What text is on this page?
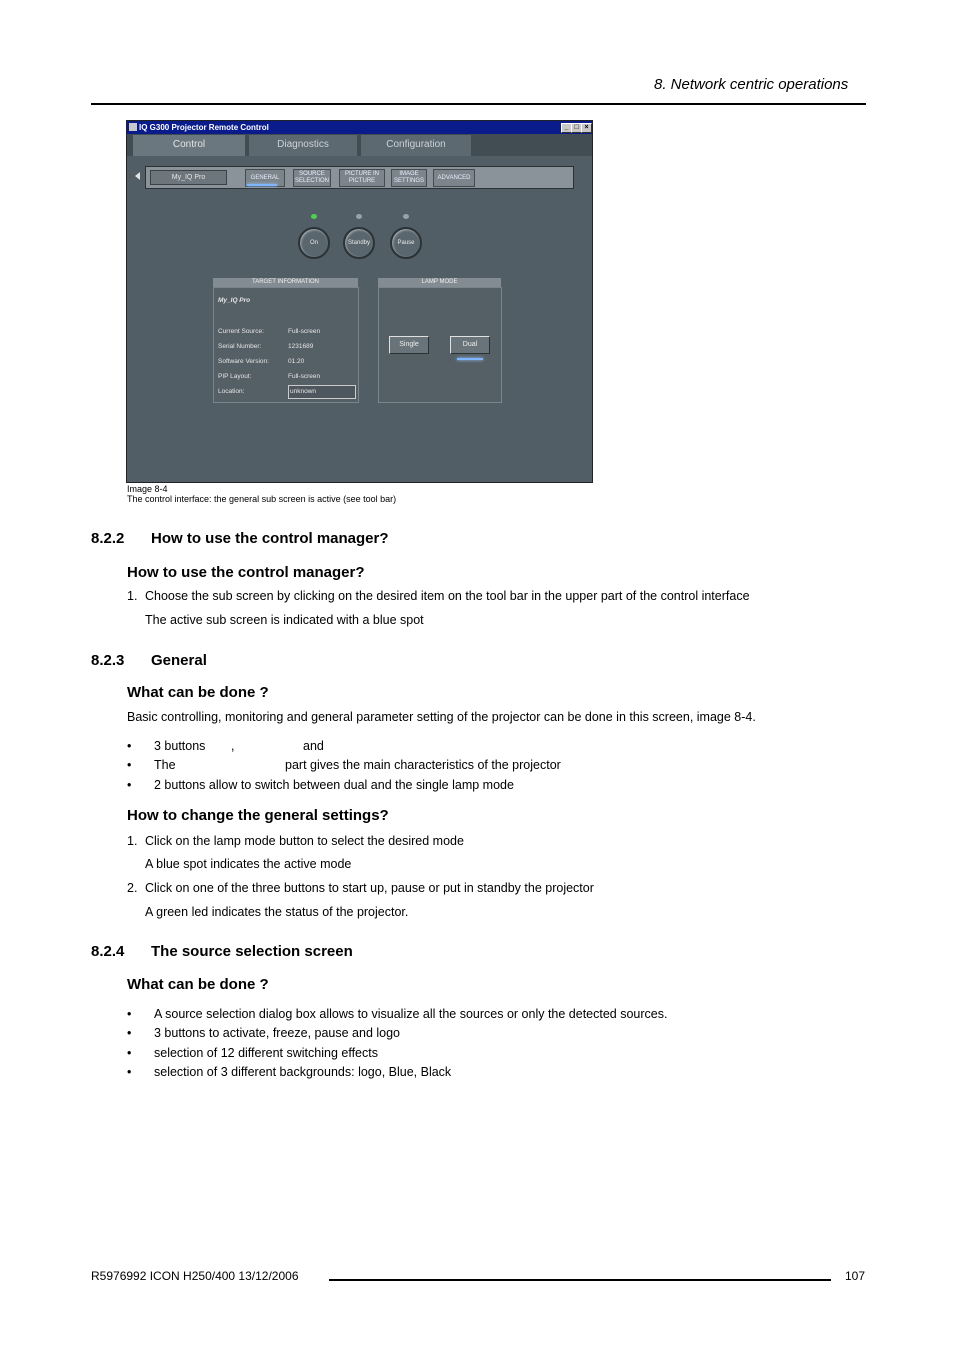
8. Network centric operations
IQ G300 Projector Remote Control	_ □ ×
Control	Diagnostics	Configuration
My_IQ Pro	GENERAL
SOURCE SELECTION
PICTURE IN PICTURE
IMAGE SETTINGS
ADVANCED
On	Standby	Pause
TARGET INFORMATION
My_IQ Pro
Current Source:	Full-screen
Serial Number:	1231689
Software Version:	01.20
PIP Layout:	Full-screen
Location:	unknown
LAMP MODE
Single	Dual
Image 8-4
The control interface: the general sub screen is active (see tool bar)
8.2.2 How to use the control manager?
How to use the control manager?
1. Choose the sub screen by clicking on the desired item on the tool bar in the upper part of the control interface
The active sub screen is indicated with a blue spot
8.2.3 General
What can be done ?
Basic controlling, monitoring and general parameter setting of the projector can be done in this screen, image 8-4.
• 3 buttons ,	and
• The	part gives the main characteristics of the projector
• 2 buttons allow to switch between dual and the single lamp mode
How to change the general settings?
1. Click on the lamp mode button to select the desired mode
A blue spot indicates the active mode
2. Click on one of the three buttons to start up, pause or put in standby the projector
A green led indicates the status of the projector.
8.2.4 The source selection screen
What can be done ?
• A source selection dialog box allows to visualize all the sources or only the detected sources.
• 3 buttons to activate, freeze, pause and logo
• selection of 12 different switching effects
• selection of 3 different backgrounds: logo, Blue, Black
R5976992 ICON H250/400 13/12/2006	107
